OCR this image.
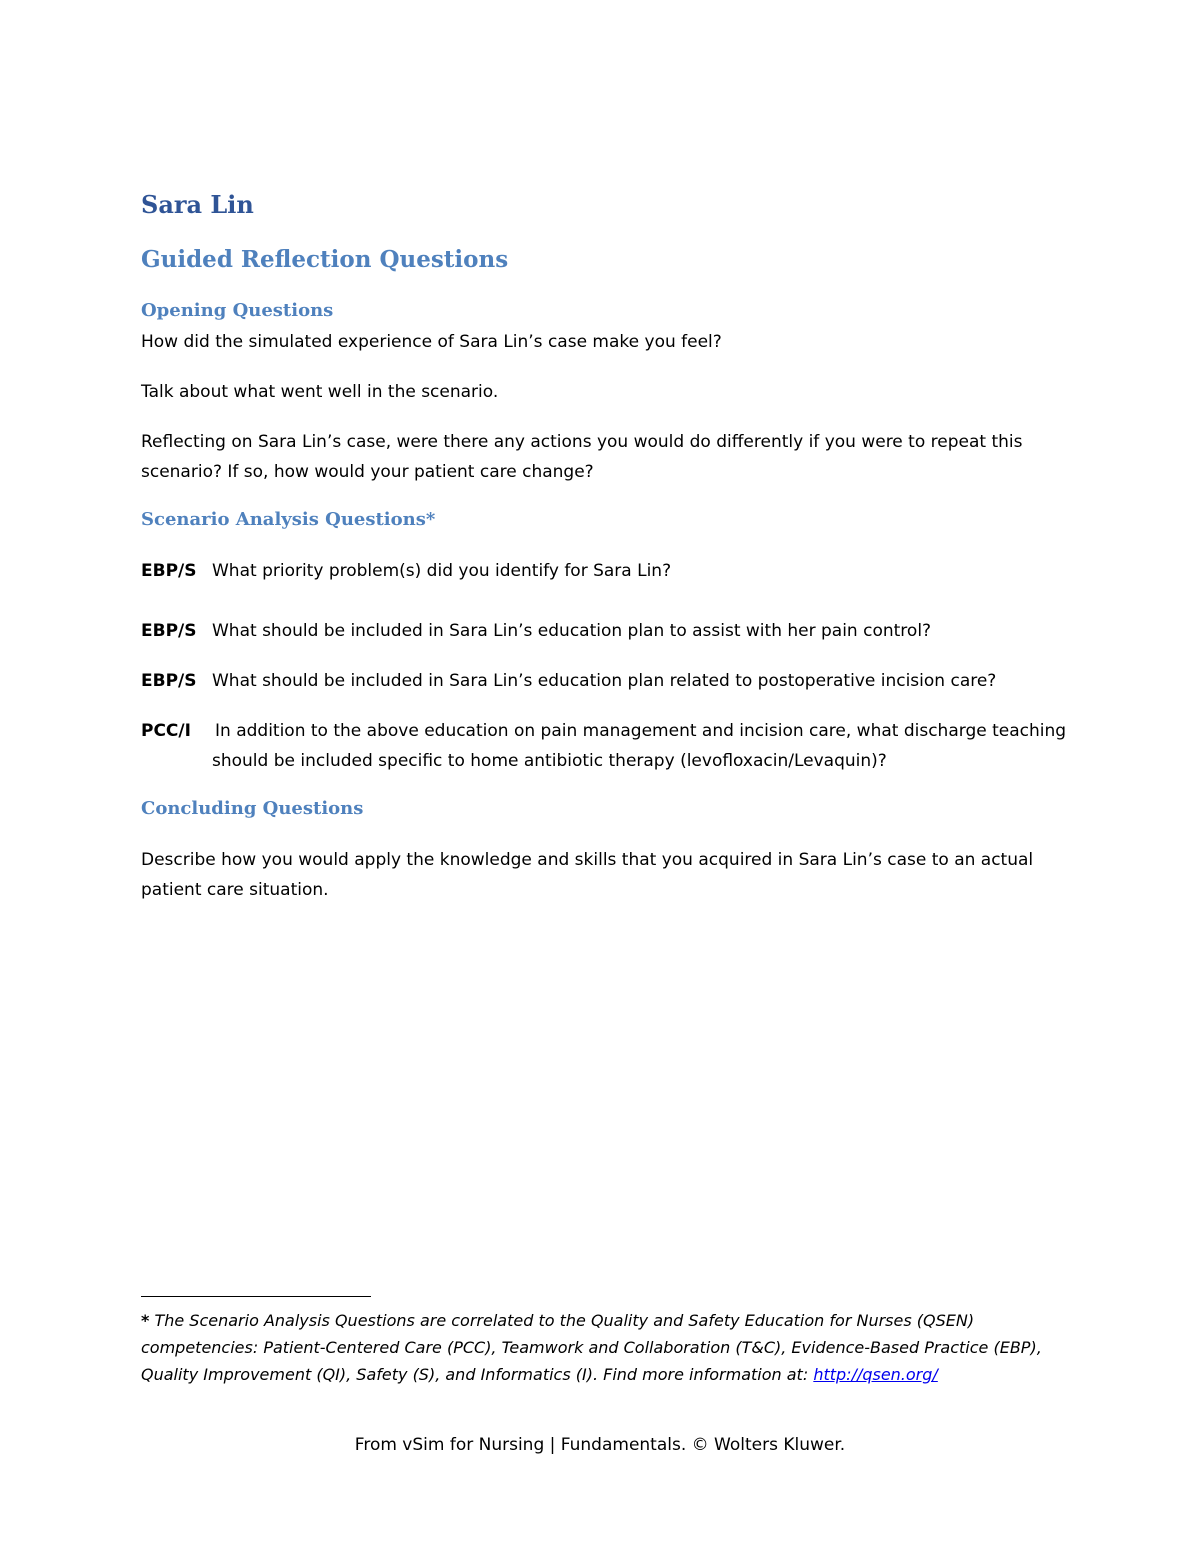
Sara Lin
Guided Reflection Questions
Opening Questions

How did the simulated experience of Sara Lin’s case make you feel?

Talk about what went well in the scenario.

Reflecting on Sara Lin’s case, were there any actions you would do differently if you were to repeat this scenario? If so, how would your patient care change?

Scenario Analysis Questions*
EBP/S What priority problem(s) did you identify for Sara Lin?
EBP/S What should be included in Sara Lin’s education plan to assist with her pain control?
EBP/S What should be included in Sara Lin’s education plan related to postoperative incision care?
PCC/I In addition to the above education on pain management and incision care, what discharge teaching should be included specific to home antibiotic therapy (levofloxacin/Levaquin)?
Concluding Questions

Describe how you would apply the knowledge and skills that you acquired in Sara Lin’s case to an actual patient care situation.

* The Scenario Analysis Questions are correlated to the Quality and Safety Education for Nurses (QSEN) competencies: Patient-Centered Care (PCC), Teamwork and Collaboration (T&C), Evidence-Based Practice (EBP), Quality Improvement (QI), Safety (S), and Informatics (I). Find more information at: http://qsen.org/
From vSim for Nursing | Fundamentals. © Wolters Kluwer.
